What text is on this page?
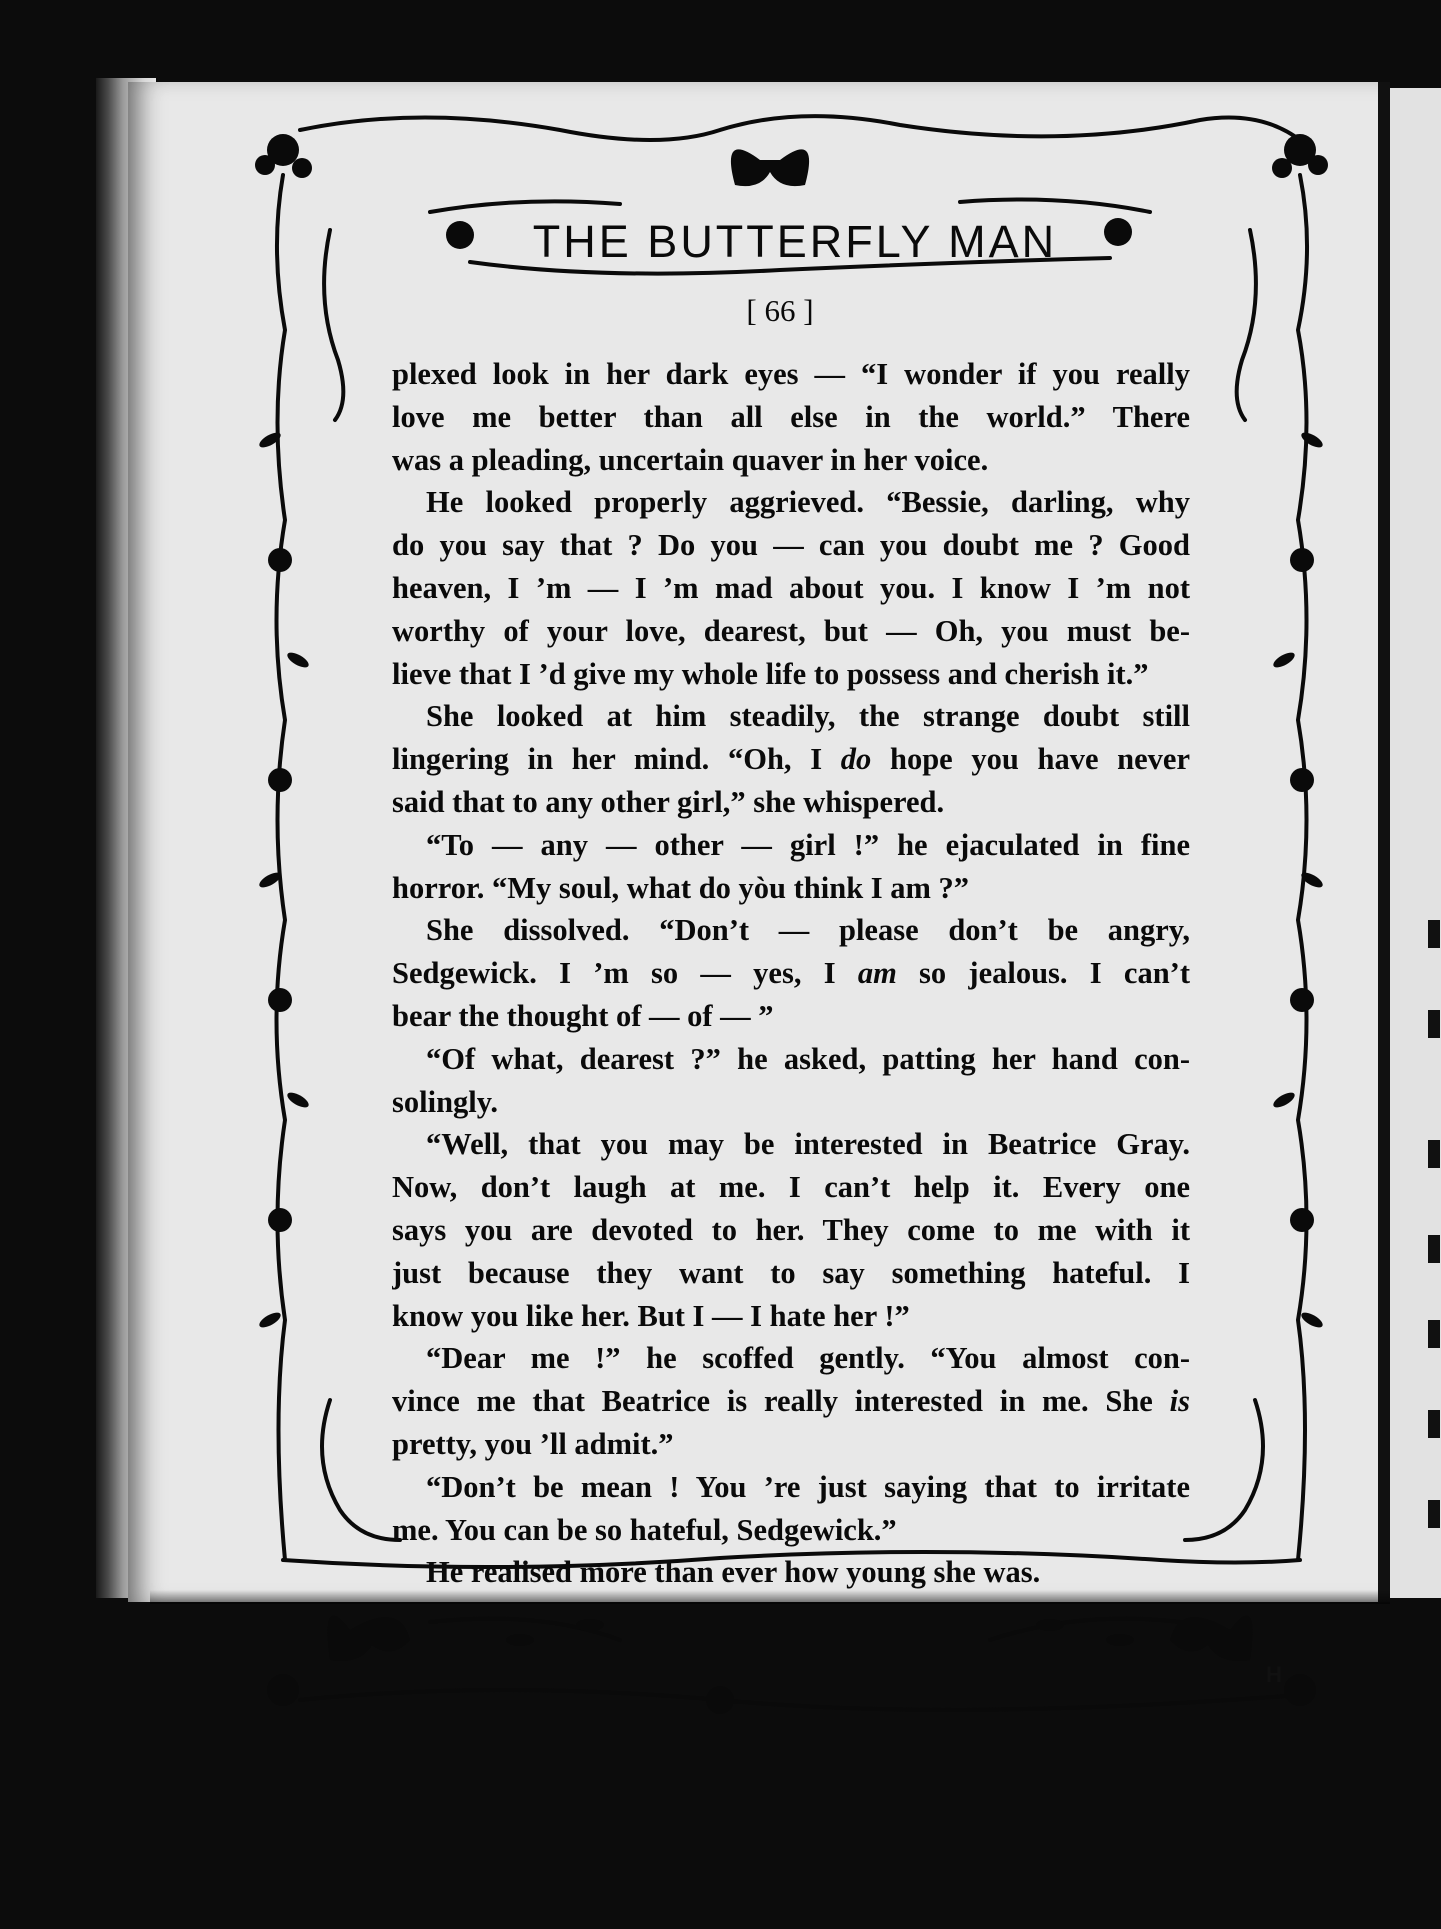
THE BUTTERFLY MAN
[ 66 ]
plexed look in her dark eyes — “I wonder if you really
love me better than all else in the world.” There
was a pleading, uncertain quaver in her voice.
He looked properly aggrieved. “Bessie, darling, why
do you say that ? Do you — can you doubt me ? Good
heaven, I ’m — I ’m mad about you. I know I ’m not
worthy of your love, dearest, but — Oh, you must be-
lieve that I ’d give my whole life to possess and cherish it.”
She looked at him steadily, the strange doubt still
lingering in her mind. “Oh, I do hope you have never
said that to any other girl,” she whispered.
“To — any — other — girl !” he ejaculated in fine
horror. “My soul, what do yòu think I am ?”
She dissolved. “Don’t — please don’t be angry,
Sedgewick. I ’m so — yes, I am so jealous. I can’t
bear the thought of — of — ”
“Of what, dearest ?” he asked, patting her hand con-
solingly.
“Well, that you may be interested in Beatrice Gray.
Now, don’t laugh at me. I can’t help it. Every one
says you are devoted to her. They come to me with it
just because they want to say something hateful. I
know you like her. But I — I hate her !”
“Dear me !” he scoffed gently. “You almost con-
vince me that Beatrice is really interested in me. She is
pretty, you ’ll admit.”
“Don’t be mean ! You ’re just saying that to irritate
me. You can be so hateful, Sedgewick.”
He realised more than ever how young she was.
H
